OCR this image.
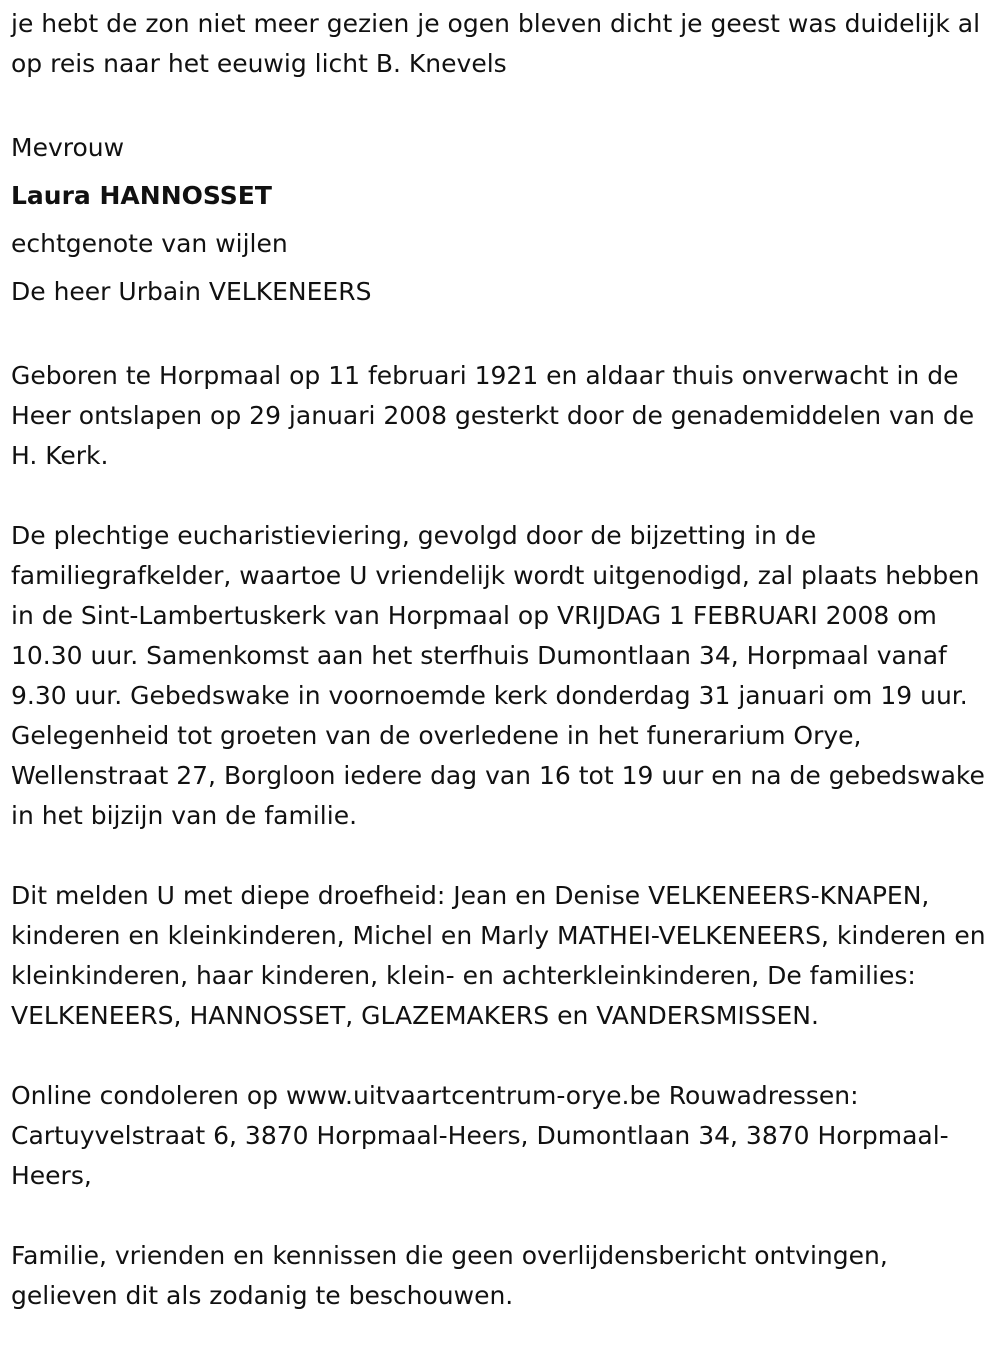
je hebt de zon niet meer gezien je ogen bleven dicht je geest was duidelijk al op reis naar het eeuwig licht B. Knevels

Mevrouw

Laura HANNOSSET

echtgenote van wijlen

De heer Urbain VELKENEERS

Geboren te Horpmaal op 11 februari 1921 en aldaar thuis onverwacht in de Heer ontslapen op 29 januari 2008 gesterkt door de genademiddelen van de H. Kerk.

De plechtige eucharistieviering, gevolgd door de bijzetting in de familiegrafkelder, waartoe U vriendelijk wordt uitgenodigd, zal plaats hebben in de Sint-Lambertuskerk van Horpmaal op VRIJDAG 1 FEBRUARI 2008 om 10.30 uur. Samenkomst aan het sterfhuis Dumontlaan 34, Horpmaal vanaf 9.30 uur. Gebedswake in voornoemde kerk donderdag 31 januari om 19 uur. Gelegenheid tot groeten van de overledene in het funerarium Orye, Wellenstraat 27, Borgloon iedere dag van 16 tot 19 uur en na de gebedswake in het bijzijn van de familie.

Dit melden U met diepe droefheid: Jean en Denise VELKENEERS-KNAPEN, kinderen en kleinkinderen, Michel en Marly MATHEI-VELKENEERS, kinderen en kleinkinderen, haar kinderen, klein- en achterkleinkinderen, De families: VELKENEERS, HANNOSSET, GLAZEMAKERS en VANDERSMISSEN.

Online condoleren op www.uitvaartcentrum-orye.be Rouwadressen: Cartuyvelstraat 6, 3870 Horpmaal-Heers, Dumontlaan 34, 3870 Horpmaal-Heers,

Familie, vrienden en kennissen die geen overlijdensbericht ontvingen, gelieven dit als zodanig te beschouwen.
